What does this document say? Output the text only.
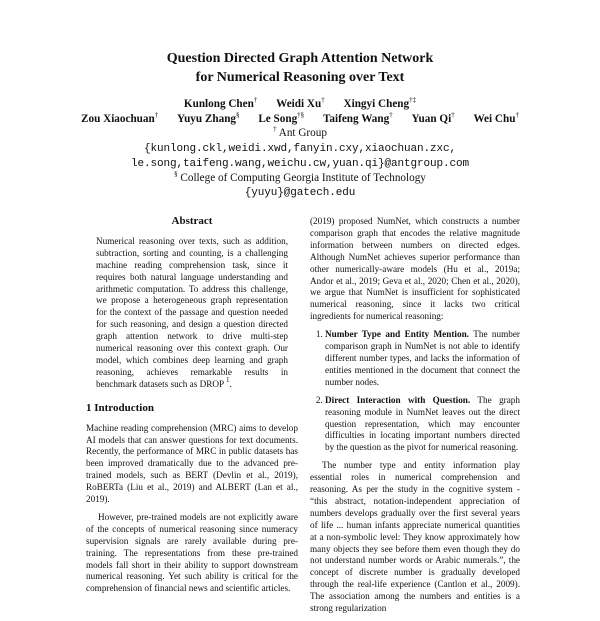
Question Directed Graph Attention Network
for Numerical Reasoning over Text
Kunlong Chen† Weidi Xu† Xingyi Cheng†‡
Zou Xiaochuan† Yuyu Zhang§ Le Song†§ Taifeng Wang† Yuan Qi† Wei Chu†
† Ant Group
{kunlong.ckl,weidi.xwd,fanyin.cxy,xiaochuan.zxc,
le.song,taifeng.wang,weichu.cw,yuan.qi}@antgroup.com
§ College of Computing Georgia Institute of Technology
{yuyu}@gatech.edu
Abstract

Numerical reasoning over texts, such as addition, subtraction, sorting and counting, is a challenging machine reading comprehension task, since it requires both natural language understanding and arithmetic computation. To address this challenge, we propose a heterogeneous graph representation for the context of the passage and question needed for such reasoning, and design a question directed graph attention network to drive multi-step numerical reasoning over this context graph. Our model, which combines deep learning and graph reasoning, achieves remarkable results in benchmark datasets such as DROP $^1$.

1 Introduction

Machine reading comprehension (MRC) aims to develop AI models that can answer questions for text documents. Recently, the performance of MRC in public datasets has been improved dramatically due to the advanced pre-trained models, such as BERT (Devlin et al., 2019), RoBERTa (Liu et al., 2019) and ALBERT (Lan et al., 2019).

However, pre-trained models are not explicitly aware of the concepts of numerical reasoning since numeracy supervision signals are rarely available during pre-training. The representations from these pre-trained models fall short in their ability to support downstream numerical reasoning. Yet such ability is critical for the comprehension of financial news and scientific articles.

(2019) proposed NumNet, which constructs a number comparison graph that encodes the relative magnitude information between numbers on directed edges. Although NumNet achieves superior performance than other numerically-aware models (Hu et al., 2019a; Andor et al., 2019; Geva et al., 2020; Chen et al., 2020), we argue that NumNet is insufficient for sophisticated numerical reasoning, since it lacks two critical ingredients for numerical reasoning:

1. Number Type and Entity Mention. The number comparison graph in NumNet is not able to identify different number types, and lacks the information of entities mentioned in the document that connect the number nodes.
2. Direct Interaction with Question. The graph reasoning module in NumNet leaves out the direct question representation, which may encounter difficulties in locating important numbers directed by the question as the pivot for numerical reasoning.

The number type and entity information play essential roles in numerical comprehension and reasoning. As per the study in the cognitive system - “this abstract, notation-independent appreciation of numbers develops gradually over the first several years of life ... human infants appreciate numerical quantities at a non-symbolic level: They know approximately how many objects they see before them even though they do not understand number words or Arabic numerals.”, the concept of discrete number is gradually developed through the real-life experience (Cantlon et al., 2009). The association among the numbers and entities is a strong regularization
